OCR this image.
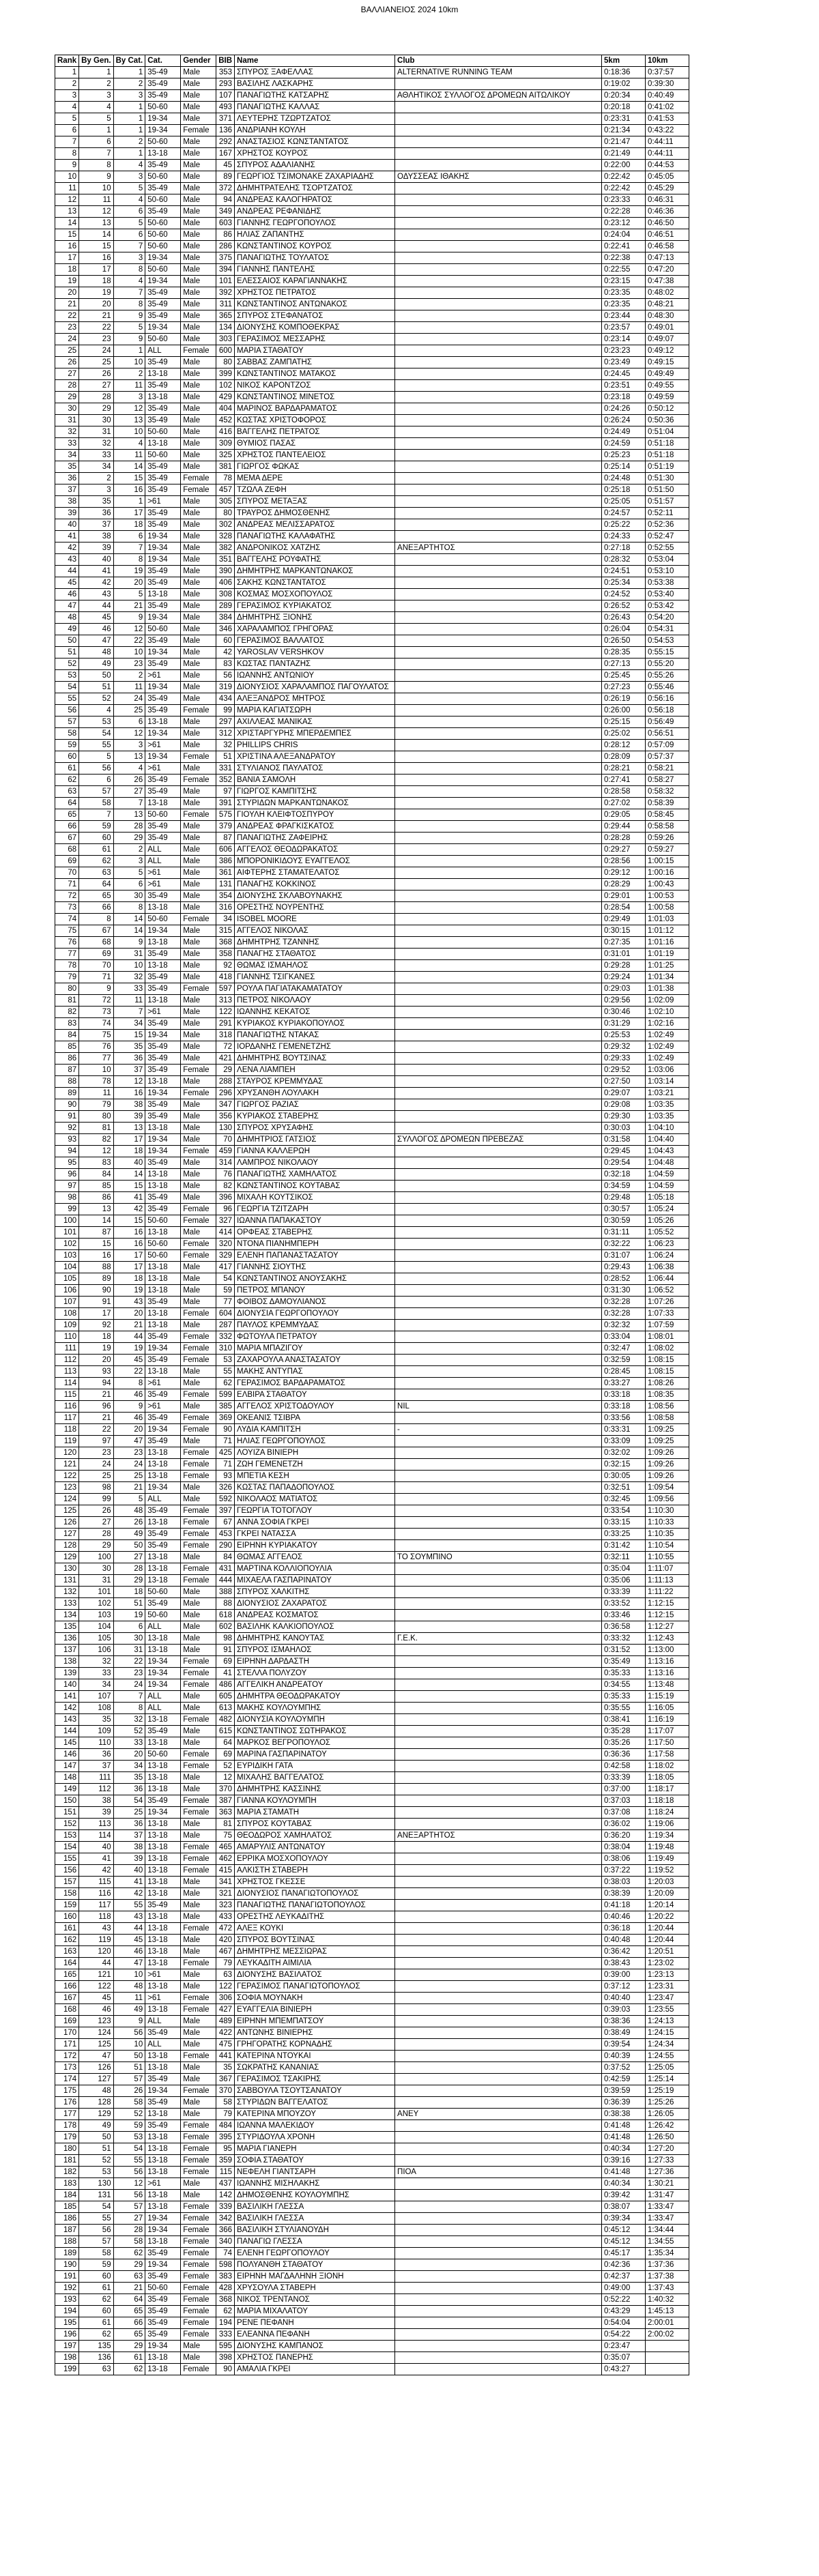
ΒΑΛΛΙΑΝΕΙΟΣ 2024 10km
Rank	By Gen.	By Cat.	Cat.	Gender	BIB	Name	Club	5km	10km
1	1	1	35-49	Male	353	ΣΠΥΡΟΣ ΞΑΦΕΛΛΑΣ	ALTERNATIVE RUNNING TEAM	0:18:36	0:37:57
2	2	2	35-49	Male	293	ΒΑΣΙΛΗΣ ΛΑΣΚΑΡΗΣ		0:19:02	0:39:30
3	3	3	35-49	Male	107	ΠΑΝΑΓΙΩΤΗΣ ΚΑΤΣΑΡΗΣ	ΑΘΛΗΤΙΚΟΣ ΣΥΛΛΟΓΟΣ ΔΡΟΜΕΩΝ ΑΙΤΩΛΙΚΟΥ	0:20:34	0:40:49
4	4	1	50-60	Male	493	ΠΑΝΑΓΙΩΤΗΣ ΚΑΛΛΑΣ		0:20:18	0:41:02
5	5	1	19-34	Male	371	ΛΕΥΤΕΡΗΣ ΤΖΩΡΤΖΑΤΟΣ		0:23:31	0:41:53
6	1	1	19-34	Female	136	ΑΝΔΡΙΑΝΗ ΚΟΥΛΗ		0:21:34	0:43:22
7	6	2	50-60	Male	292	ΑΝΑΣΤΑΣΙΟΣ ΚΩΝΣΤΑΝΤΑΤΟΣ		0:21:47	0:44:11
8	7	1	13-18	Male	167	ΧΡΗΣΤΟΣ ΚΟΥΡΟΣ		0:21:49	0:44:11
9	8	4	35-49	Male	45	ΣΠΥΡΟΣ ΑΔΑΛΙΑΝΗΣ		0:22:00	0:44:53
10	9	3	50-60	Male	89	ΓΕΩΡΓΙΟΣ ΤΣΙΜΟΝΑΚΕ ΖΑΧΑΡΙΑΔΗΣ	ΟΔΥΣΣΕΑΣ ΙΘΑΚΗΣ	0:22:42	0:45:05
11	10	5	35-49	Male	372	ΔΗΜΗΤΡΑΤΕΛΗΣ ΤΣΟΡΤΖΑΤΟΣ		0:22:42	0:45:29
12	11	4	50-60	Male	94	ΑΝΔΡΕΑΣ ΚΑΛΟΓΗΡΑΤΟΣ		0:23:33	0:46:31
13	12	6	35-49	Male	349	ΑΝΔΡΕΑΣ ΡΕΦΑΝΙΔΗΣ		0:22:28	0:46:36
14	13	5	50-60	Male	603	ΓΙΑΝΝΗΣ ΓΕΩΡΓΟΠΟΥΛΟΣ		0:23:12	0:46:50
15	14	6	50-60	Male	86	ΗΛΙΑΣ ΖΑΠΑΝΤΗΣ		0:24:04	0:46:51
16	15	7	50-60	Male	286	ΚΩΝΣΤΑΝΤΙΝΟΣ ΚΟΥΡΟΣ		0:22:41	0:46:58
17	16	3	19-34	Male	375	ΠΑΝΑΓΙΩΤΗΣ ΤΟΥΛΑΤΟΣ		0:22:38	0:47:13
18	17	8	50-60	Male	394	ΓΙΑΝΝΗΣ ΠΑΝΤΕΛΗΣ		0:22:55	0:47:20
19	18	4	19-34	Male	101	ΕΛΕΣΣΑΙΟΣ ΚΑΡΑΓΙΑΝΝΑΚΗΣ		0:23:15	0:47:38
20	19	7	35-49	Male	392	ΧΡΗΣΤΟΣ ΠΕΤΡΑΤΟΣ		0:23:35	0:48:02
21	20	8	35-49	Male	311	ΚΩΝΣΤΑΝΤΙΝΟΣ ΑΝΤΩΝΑΚΟΣ		0:23:35	0:48:21
22	21	9	35-49	Male	365	ΣΠΥΡΟΣ ΣΤΕΦΑΝΑΤΟΣ		0:23:44	0:48:30
23	22	5	19-34	Male	134	ΔΙΟΝΥΣΗΣ ΚΟΜΠΟΘΕΚΡΑΣ		0:23:57	0:49:01
24	23	9	50-60	Male	303	ΓΕΡΑΣΙΜΟΣ ΜΕΣΣΑΡΗΣ		0:23:14	0:49:07
25	24	1	ALL	Female	600	ΜΑΡΙΑ ΣΤΑΘΑΤΟΥ		0:23:23	0:49:12
26	25	10	35-49	Male	80	ΣΑΒΒΑΣ ΖΑΜΠΑΤΗΣ		0:23:49	0:49:15
27	26	2	13-18	Male	399	ΚΩΝΣΤΑΝΤΙΝΟΣ ΜΑΤΑΚΟΣ		0:24:45	0:49:49
28	27	11	35-49	Male	102	ΝΙΚΟΣ ΚΑΡΟΝΤΖΟΣ		0:23:51	0:49:55
29	28	3	13-18	Male	429	ΚΩΝΣΤΑΝΤΙΝΟΣ ΜΙΝΕΤΟΣ		0:23:18	0:49:59
30	29	12	35-49	Male	404	ΜΑΡΙΝΟΣ ΒΑΡΔΑΡΑΜΑΤΟΣ		0:24:26	0:50:12
31	30	13	35-49	Male	452	ΚΩΣΤΑΣ ΧΡΙΣΤΟΦΟΡΟΣ		0:26:24	0:50:36
32	31	10	50-60	Male	416	ΒΑΓΓΕΛΗΣ ΠΕΤΡΑΤΟΣ		0:24:49	0:51:04
33	32	4	13-18	Male	309	ΘΥΜΙΟΣ ΠΑΣΑΣ		0:24:59	0:51:18
34	33	11	50-60	Male	325	ΧΡΗΣΤΟΣ ΠΑΝΤΕΛΕΙΟΣ		0:25:23	0:51:18
35	34	14	35-49	Male	381	ΓΙΩΡΓΟΣ ΦΩΚΑΣ		0:25:14	0:51:19
36	2	15	35-49	Female	78	ΜΕΜΑ ΔΕΡΕ		0:24:48	0:51:30
37	3	16	35-49	Female	457	ΤΖΩΛΑ ΖΕΦΗ		0:25:18	0:51:50
38	35	1	>61	Male	305	ΣΠΥΡΟΣ ΜΕΤΑΞΑΣ		0:25:05	0:51:57
39	36	17	35-49	Male	80	ΤΡΑΥΡΟΣ ΔΗΜΟΣΘΕΝΗΣ		0:24:57	0:52:11
40	37	18	35-49	Male	302	ΑΝΔΡΕΑΣ ΜΕΛΙΣΣΑΡΑΤΟΣ		0:25:22	0:52:36
41	38	6	19-34	Male	328	ΠΑΝΑΓΙΩΤΗΣ ΚΑΛΑΦΑΤΗΣ		0:24:33	0:52:47
42	39	7	19-34	Male	382	ΑΝΔΡΟΝΙΚΟΣ ΧΑΤΖΗΣ	ΑΝΕΞΑΡΤΗΤΟΣ	0:27:18	0:52:55
43	40	8	19-34	Male	351	ΒΑΓΓΕΛΗΣ ΡΟΥΦΑΤΗΣ		0:28:32	0:53:04
44	41	19	35-49	Male	390	ΔΗΜΗΤΡΗΣ ΜΑΡΚΑΝΤΩΝΑΚΟΣ		0:24:51	0:53:10
45	42	20	35-49	Male	406	ΣΑΚΗΣ ΚΩΝΣΤΑΝΤΑΤΟΣ		0:25:34	0:53:38
46	43	5	13-18	Male	308	ΚΟΣΜΑΣ ΜΟΣΧΟΠΟΥΛΟΣ		0:24:52	0:53:40
47	44	21	35-49	Male	289	ΓΕΡΑΣΙΜΟΣ ΚΥΡΙΑΚΑΤΟΣ		0:26:52	0:53:42
48	45	9	19-34	Male	384	ΔΗΜΗΤΡΗΣ ΞΙΟΝΗΣ		0:26:43	0:54:20
49	46	12	50-60	Male	346	ΧΑΡΑΛΑΜΠΟΣ ΓΡΗΓΟΡΑΣ		0:26:04	0:54:31
50	47	22	35-49	Male	60	ΓΕΡΑΣΙΜΟΣ ΒΑΛΛΑΤΟΣ		0:26:50	0:54:53
51	48	10	19-34	Male	42	YAROSLAV VERSHKOV		0:28:35	0:55:15
52	49	23	35-49	Male	83	ΚΩΣΤΑΣ ΠΑΝΤΑΖΗΣ		0:27:13	0:55:20
53	50	2	>61	Male	56	ΙΩΑΝΝΗΣ ΑΝΤΩΝΙΟΥ		0:25:45	0:55:26
54	51	11	19-34	Male	319	ΔΙΟΝΥΣΙΟΣ ΧΑΡΑΛΑΜΠΟΣ ΠΑΓΟΥΛΑΤΟΣ		0:27:23	0:55:46
55	52	24	35-49	Male	434	ΑΛΕΞΑΝΔΡΟΣ ΜΗΤΡΟΣ		0:26:19	0:56:16
56	4	25	35-49	Female	99	ΜΑΡΙΑ ΚΑΓΙΑΤΣΩΡΗ		0:26:00	0:56:18
57	53	6	13-18	Male	297	ΑΧΙΛΛΕΑΣ ΜΑΝΙΚΑΣ		0:25:15	0:56:49
58	54	12	19-34	Male	312	ΧΡΙΣΤΑΡΓΥΡΗΣ ΜΠΕΡΔΕΜΠΕΣ		0:25:02	0:56:51
59	55	3	>61	Male	32	PHILLIPS CHRIS		0:28:12	0:57:09
60	5	13	19-34	Female	51	ΧΡΙΣΤΙΝΑ ΑΛΕΞΑΝΔΡΑΤΟΥ		0:28:09	0:57:37
61	56	4	>61	Male	331	ΣΤΥΛΙΑΝΟΣ ΠΑΥΛΑΤΟΣ		0:28:21	0:58:21
62	6	26	35-49	Female	352	ΒΑΝΙΑ ΣΑΜΟΛΗ		0:27:41	0:58:27
63	57	27	35-49	Male	97	ΓΙΩΡΓΟΣ ΚΑΜΠΙΤΣΗΣ		0:28:58	0:58:32
64	58	7	13-18	Male	391	ΣΤΥΡΙΔΩΝ ΜΑΡΚΑΝΤΩΝΑΚΟΣ		0:27:02	0:58:39
65	7	13	50-60	Female	575	ΓΙΟΥΛΗ ΚΛΕΙΦΤΟΣΠΥΡΟΥ		0:29:05	0:58:45
66	59	28	35-49	Male	379	ΑΝΔΡΕΑΣ ΦΡΑΓΚΙΣΚΑΤΟΣ		0:29:44	0:58:58
67	60	29	35-49	Male	87	ΠΑΝΑΓΙΩΤΗΣ ΖΑΦΕΙΡΗΣ		0:28:28	0:59:26
68	61	2	ALL	Male	606	ΑΓΓΕΛΟΣ ΘΕΟΔΩΡΑΚΑΤΟΣ		0:29:27	0:59:27
69	62	3	ALL	Male	386	ΜΠΟΡΟΝΙΚΙΔΟΥΣ ΕΥΑΓΓΕΛΟΣ		0:28:56	1:00:15
70	63	5	>61	Male	361	ΑΙΦΤΕΡΗΣ ΣΤΑΜΑΤΕΛΑΤΟΣ		0:29:12	1:00:16
71	64	6	>61	Male	131	ΠΑΝΑΓΗΣ ΚΟΚΚΙΝΟΣ		0:28:29	1:00:43
72	65	30	35-49	Male	354	ΔΙΟΝΥΣΗΣ ΣΚΛΑΒΟΥΝΑΚΗΣ		0:29:01	1:00:53
73	66	8	13-18	Male	316	ΟΡΕΣΤΗΣ ΝΟΥΡΕΝΤΗΣ		0:28:54	1:00:58
74	8	14	50-60	Female	34	ISOBEL MOORE		0:29:49	1:01:03
75	67	14	19-34	Male	315	ΑΓΓΕΛΟΣ ΝΙΚΟΛΑΣ		0:30:15	1:01:12
76	68	9	13-18	Male	368	ΔΗΜΗΤΡΗΣ ΤΖΑΝΝΗΣ		0:27:35	1:01:16
77	69	31	35-49	Male	358	ΠΑΝΑΓΗΣ ΣΤΑΘΑΤΟΣ		0:31:01	1:01:19
78	70	10	13-18	Male	92	ΘΩΜΑΣ ΙΣΜΑΗΛΟΣ		0:29:28	1:01:25
79	71	32	35-49	Male	418	ΓΙΑΝΝΗΣ ΤΣΙΓΚΑΝΕΣ		0:29:24	1:01:34
80	9	33	35-49	Female	597	ΡΟΥΛΑ ΠΑΓΙΑΤΑΚΑΜΑΤΑΤΟΥ		0:29:03	1:01:38
81	72	11	13-18	Male	313	ΠΕΤΡΟΣ ΝΙΚΟΛΑΟΥ		0:29:56	1:02:09
82	73	7	>61	Male	122	ΙΩΑΝΝΗΣ ΚΕΚΑΤΟΣ		0:30:46	1:02:10
83	74	34	35-49	Male	291	ΚΥΡΙΑΚΟΣ ΚΥΡΙΑΚΟΠΟΥΛΟΣ		0:31:29	1:02:16
84	75	15	19-34	Male	318	ΠΑΝΑΓΙΩΤΗΣ ΝΤΑΚΑΣ		0:25:53	1:02:49
85	76	35	35-49	Male	72	ΙΟΡΔΑΝΗΣ ΓΕΜΕΝΕΤΖΗΣ		0:29:32	1:02:49
86	77	36	35-49	Male	421	ΔΗΜΗΤΡΗΣ ΒΟΥΤΣΙΝΑΣ		0:29:33	1:02:49
87	10	37	35-49	Female	29	ΛΕΝΑ ΛΙΑΜΠΕΗ		0:29:52	1:03:06
88	78	12	13-18	Male	288	ΣΤΑΥΡΟΣ ΚΡΕΜΜΥΔΑΣ		0:27:50	1:03:14
89	11	16	19-34	Female	296	ΧΡΥΣΑΝΘΗ ΛΟΥΛΑΚΗ		0:29:07	1:03:21
90	79	38	35-49	Male	347	ΓΙΩΡΓΟΣ ΡΑΖΙΑΣ		0:29:08	1:03:35
91	80	39	35-49	Male	356	ΚΥΡΙΑΚΟΣ ΣΤΑΒΕΡΗΣ		0:29:30	1:03:35
92	81	13	13-18	Male	130	ΣΠΥΡΟΣ ΧΡΥΣΑΦΗΣ		0:30:03	1:04:10
93	82	17	19-34	Male	70	ΔΗΜΗΤΡΙΟΣ ΓΑΤΣΙΟΣ	ΣΥΛΛΟΓΟΣ ΔΡΟΜΕΩΝ ΠΡΕΒΕΖΑΣ	0:31:58	1:04:40
94	12	18	19-34	Female	459	ΓΙΑΝΝΑ ΚΑΛΛΕΡΩΗ		0:29:45	1:04:43
95	83	40	35-49	Male	314	ΛΑΜΠΡΟΣ ΝΙΚΟΛΑΟΥ		0:29:54	1:04:48
96	84	14	13-18	Male	76	ΠΑΝΑΓΙΩΤΗΣ ΧΑΜΗΛΑΤΟΣ		0:32:18	1:04:59
97	85	15	13-18	Male	82	ΚΩΝΣΤΑΝΤΙΝΟΣ ΚΟΥΤΑΒΑΣ		0:34:59	1:04:59
98	86	41	35-49	Male	396	ΜΙΧΑΛΗ ΚΟΥΤΣΙΚΟΣ		0:29:48	1:05:18
99	13	42	35-49	Female	96	ΓΕΩΡΓΙΑ ΤΖΙΤΖΑΡΗ		0:30:57	1:05:24
100	14	15	50-60	Female	327	ΙΩΑΝΝΑ ΠΑΠΑΚΑΣΤΟΥ		0:30:59	1:05:26
101	87	16	13-18	Male	414	ΟΡΦΕΑΣ ΣΤΑΒΕΡΗΣ		0:31:11	1:05:52
102	15	16	50-60	Female	320	ΝΤΟΝΑ ΠΙΑΝΗΜΠΕΡΗ		0:32:22	1:06:23
103	16	17	50-60	Female	329	ΕΛΕΝΗ ΠΑΠΑΝΑΣΤΑΣΑΤΟΥ		0:31:07	1:06:24
104	88	17	13-18	Male	417	ΓΙΑΝΝΗΣ ΣΙΟΥΤΗΣ		0:29:43	1:06:38
105	89	18	13-18	Male	54	ΚΩΝΣΤΑΝΤΙΝΟΣ ΑΝΟΥΣΑΚΗΣ		0:28:52	1:06:44
106	90	19	13-18	Male	59	ΠΕΤΡΟΣ ΜΠΑΝΟΥ		0:31:30	1:06:52
107	91	43	35-49	Male	77	ΦΟΙΒΟΣ ΔΑΜΟΥΛΙΑΝΟΣ		0:32:28	1:07:26
108	17	20	13-18	Female	604	ΔΙΟΝΥΣΙΑ ΓΕΩΡΓΟΠΟΥΛΟΥ		0:32:28	1:07:33
109	92	21	13-18	Male	287	ΠΑΥΛΟΣ ΚΡΕΜΜΥΔΑΣ		0:32:32	1:07:59
110	18	44	35-49	Female	332	ΦΩΤΟΥΛΑ ΠΕΤΡΑΤΟΥ		0:33:04	1:08:01
111	19	19	19-34	Female	310	ΜΑΡΙΑ ΜΠΑΖΙΓΟΥ		0:32:47	1:08:02
112	20	45	35-49	Female	53	ΖΑΧΑΡΟΥΛΑ ΑΝΑΣΤΑΣΑΤΟΥ		0:32:59	1:08:15
113	93	22	13-18	Male	55	ΜΑΚΗΣ ΑΝΤΥΠΑΣ		0:28:45	1:08:15
114	94	8	>61	Male	62	ΓΕΡΑΣΙΜΟΣ ΒΑΡΔΑΡΑΜΑΤΟΣ		0:33:27	1:08:26
115	21	46	35-49	Female	599	ΕΛΒΙΡΑ ΣΤΑΘΑΤΟΥ		0:33:18	1:08:35
116	96	9	>61	Male	385	ΑΓΓΕΛΟΣ ΧΡΙΣΤΟΔΟΥΛΟΥ	NIL	0:33:18	1:08:56
117	21	46	35-49	Female	369	ΟΚΕΑΝΙΣ ΤΣΙΒΡΑ		0:33:56	1:08:58
118	22	20	19-34	Female	90	ΛΥΔΙΑ ΚΑΜΠΙΤΣΗ	-	0:33:31	1:09:25
119	97	47	35-49	Male	71	ΗΛΙΑΣ ΓΕΩΡΓΟΠΟΥΛΟΣ		0:33:09	1:09:25
120	23	23	13-18	Female	425	ΛΟΥΙΖΑ ΒΙΝΙΕΡΗ		0:32:02	1:09:26
121	24	24	13-18	Female	71	ΖΩΗ ΓΕΜΕΝΕΤΖΗ		0:32:15	1:09:26
122	25	25	13-18	Female	93	ΜΠΕΤΙΑ ΚΕΣΗ		0:30:05	1:09:26
123	98	21	19-34	Male	326	ΚΩΣΤΑΣ ΠΑΠΑΔΟΠΟΥΛΟΣ		0:32:51	1:09:54
124	99	5	ALL	Male	592	ΝΙΚΟΛΑΟΣ ΜΑΤΙΑΤΟΣ		0:32:45	1:09:56
125	26	48	35-49	Female	397	ΓΕΩΡΓΙΑ ΤΟΤΟΓΛΟΥ		0:33:54	1:10:30
126	27	26	13-18	Female	67	ΑΝΝΑ ΣΟΦΙΑ ΓΚΡΕΙ		0:33:15	1:10:33
127	28	49	35-49	Female	453	ΓΚΡΕΙ ΝΑΤΑΣΣΑ		0:33:25	1:10:35
128	29	50	35-49	Female	290	ΕΙΡΗΝΗ ΚΥΡΙΑΚΑΤΟΥ		0:31:42	1:10:54
129	100	27	13-18	Male	84	ΘΩΜΑΣ ΑΓΓΕΛΟΣ	ΤΟ ΣΟΥΜΠΙΝΟ	0:32:11	1:10:55
130	30	28	13-18	Female	431	ΜΑΡΤΙΝΑ ΚΟΛΛΙΟΠΟΥΛΙΑ		0:35:04	1:11:07
131	31	29	13-18	Female	444	ΜΙΧΑΕΛΑ ΓΑΣΠΑΡΙΝΑΤΟΥ		0:35:06	1:11:13
132	101	18	50-60	Male	388	ΣΠΥΡΟΣ ΧΑΛΚΙΤΗΣ		0:33:39	1:11:22
133	102	51	35-49	Male	88	ΔΙΟΝΥΣΙΟΣ ΖΑΧΑΡΑΤΟΣ		0:33:52	1:12:15
134	103	19	50-60	Male	618	ΑΝΔΡΕΑΣ ΚΟΣΜΑΤΟΣ		0:33:46	1:12:15
135	104	6	ALL	Male	602	ΒΑΣΙΛΗΚ ΚΑΛΚΙΟΠΟΥΛΟΣ		0:36:58	1:12:27
136	105	30	13-18	Male	98	ΔΗΜΗΤΡΗΣ ΚΑΝΟΥΤΑΣ	Γ.Ε.Κ.	0:33:32	1:12:43
137	106	31	13-18	Male	91	ΣΠΥΡΟΣ ΙΣΜΑΗΛΟΣ		0:31:52	1:13:00
138	32	22	19-34	Female	69	ΕΙΡΗΝΗ ΔΑΡΔΑΣΤΗ		0:35:49	1:13:16
139	33	23	19-34	Female	41	ΣΤΕΛΛΑ ΠΟΛΥΖΟΥ		0:35:33	1:13:16
140	34	24	19-34	Female	486	ΑΓΓΕΛΙΚΗ ΑΝΔΡΕΑΤΟΥ		0:34:55	1:13:48
141	107	7	ALL	Male	605	ΔΗΜΗΤΡΑ ΘΕΟΔΩΡΑΚΑΤΟΥ		0:35:33	1:15:19
142	108	8	ALL	Male	613	ΜΑΚΗΣ ΚΟΥΛΟΥΜΠΗΣ		0:35:55	1:16:05
143	35	32	13-18	Female	482	ΔΙΟΝΥΣΙΑ ΚΟΥΛΟΥΜΠΗ		0:38:41	1:16:19
144	109	52	35-49	Male	615	ΚΩΝΣΤΑΝΤΙΝΟΣ ΣΩΤΗΡΑΚΟΣ		0:35:28	1:17:07
145	110	33	13-18	Male	64	ΜΑΡΚΟΣ ΒΕΓΡΟΠΟΥΛΟΣ		0:35:26	1:17:50
146	36	20	50-60	Female	69	ΜΑΡΙΝΑ ΓΑΣΠΑΡΙΝΑΤΟΥ		0:36:36	1:17:58
147	37	34	13-18	Female	52	ΕΥΡΙΔΙΚΗ ΓΑΤΑ		0:42:58	1:18:02
148	111	35	13-18	Male	12	ΜΙΧΑΛΗΣ ΒΑΓΓΕΛΑΤΟΣ		0:33:39	1:18:05
149	112	36	13-18	Male	370	ΔΗΜΗΤΡΗΣ ΚΑΣΣΙΝΗΣ		0:37:00	1:18:17
150	38	54	35-49	Female	387	ΓΙΑΝΝΑ ΚΟΥΛΟΥΜΠΗ		0:37:03	1:18:18
151	39	25	19-34	Female	363	ΜΑΡΙΑ ΣΤΑΜΑΤΗ		0:37:08	1:18:24
152	113	36	13-18	Male	81	ΣΠΥΡΟΣ ΚΟΥΤΑΒΑΣ		0:36:02	1:19:06
153	114	37	13-18	Male	75	ΘΕΟΔΩΡΟΣ ΧΑΜΗΛΑΤΟΣ	ΑΝΕΞΑΡΤΗΤΟΣ	0:36:20	1:19:34
154	40	38	13-18	Female	465	ΑΜΑΡΥΛΙΣ ΑΝΤΩΝΑΤΟΥ		0:38:04	1:19:48
155	41	39	13-18	Female	462	ΕΡΡΙΚΑ ΜΟΣΧΟΠΟΥΛΟΥ		0:38:06	1:19:49
156	42	40	13-18	Female	415	ΑΛΚΙΣΤΗ ΣΤΑΒΕΡΗ		0:37:22	1:19:52
157	115	41	13-18	Male	341	ΧΡΗΣΤΟΣ ΓΚΕΣΣΕ		0:38:03	1:20:03
158	116	42	13-18	Male	321	ΔΙΟΝΥΣΙΟΣ ΠΑΝΑΓΙΩΤΟΠΟΥΛΟΣ		0:38:39	1:20:09
159	117	55	35-49	Male	323	ΠΑΝΑΓΙΩΤΗΣ ΠΑΝΑΓΙΩΤΟΠΟΥΛΟΣ		0:41:18	1:20:14
160	118	43	13-18	Male	433	ΟΡΕΣΤΗΣ ΛΕΥΚΑΔΙΤΗΣ		0:40:46	1:20:22
161	43	44	13-18	Female	472	ΑΛΕΞ ΚΟΥΚΙ		0:36:18	1:20:44
162	119	45	13-18	Male	420	ΣΠΥΡΟΣ ΒΟΥΤΣΙΝΑΣ		0:40:48	1:20:44
163	120	46	13-18	Male	467	ΔΗΜΗΤΡΗΣ ΜΕΣΣΙΩΡΑΣ		0:36:42	1:20:51
164	44	47	13-18	Female	79	ΛΕΥΚΑΔΙΤΗ ΑΙΜΙΛΙΑ		0:38:43	1:23:02
165	121	10	>61	Male	63	ΔΙΟΝΥΣΗΣ ΒΑΣΙΛΑΤΟΣ		0:39:00	1:23:13
166	122	48	13-18	Male	122	ΓΕΡΑΣΙΜΟΣ ΠΑΝΑΓΙΩΤΟΠΟΥΛΟΣ		0:37:12	1:23:31
167	45	11	>61	Female	306	ΣΟΦΙΑ ΜΟΥΝΑΚΗ		0:40:40	1:23:47
168	46	49	13-18	Female	427	ΕΥΑΓΓΕΛΙΑ ΒΙΝΙΕΡΗ		0:39:03	1:23:55
169	123	9	ALL	Male	489	ΕΙΡΗΝΗ ΜΠΕΜΠΑΤΣΟΥ		0:38:36	1:24:13
170	124	56	35-49	Male	422	ΑΝΤΩΝΗΣ ΒΙΝΙΕΡΗΣ		0:38:49	1:24:15
171	125	10	ALL	Male	475	ΓΡΗΓΟΡΑΤΗΣ ΚΟΡΝΑΔΗΣ		0:39:54	1:24:34
172	47	50	13-18	Female	441	ΚΑΤΕΡΙΝΑ ΝΤΟΥΚΑΙ		0:40:39	1:24:55
173	126	51	13-18	Male	35	ΣΩΚΡΑΤΗΣ ΚΑΝΑΝΙΑΣ		0:37:52	1:25:05
174	127	57	35-49	Male	367	ΓΕΡΑΣΙΜΟΣ ΤΣΑΚΙΡΗΣ		0:42:59	1:25:14
175	48	26	19-34	Female	370	ΣΑΒΒΟΥΛΑ ΤΣΟΥΤΣΑΝΑΤΟΥ		0:39:59	1:25:19
176	128	58	35-49	Male	58	ΣΤΥΡΙΔΩΝ ΒΑΓΓΕΛΑΤΟΣ		0:36:39	1:25:26
177	129	52	13-18	Male	79	ΚΑΤΕΡΙΝΑ ΜΠΟΥΖΟΥ	ΑΝΕΥ	0:38:38	1:26:05
178	49	59	35-49	Female	484	ΙΩΑΝΝΑ ΜΑΛΕΚΙΔΟΥ		0:41:48	1:26:42
179	50	53	13-18	Female	395	ΣΤΥΡΙΔΟΥΛΑ ΧΡΟΝΗ		0:41:48	1:26:50
180	51	54	13-18	Female	95	ΜΑΡΙΑ ΓΙΑΝΕΡΗ		0:40:34	1:27:20
181	52	55	13-18	Female	359	ΣΟΦΙΑ ΣΤΑΘΑΤΟΥ		0:39:16	1:27:33
182	53	56	13-18	Female	115	ΝΕΦΕΛΗ ΓΙΑΝΤΣΑΡΗ	ΠΙΟΑ	0:41:48	1:27:36
183	130	12	>61	Male	437	ΙΩΑΝΝΗΣ ΜΙΣΗΛΑΚΗΣ		0:40:34	1:30:21
184	131	56	13-18	Male	142	ΔΗΜΟΣΘΕΝΗΣ ΚΟΥΛΟΥΜΠΗΣ		0:39:42	1:31:47
185	54	57	13-18	Female	339	ΒΑΣΙΛΙΚΗ ΓΛΕΣΣΑ		0:38:07	1:33:47
186	55	27	19-34	Female	342	ΒΑΣΙΛΙΚΗ ΓΛΕΣΣΑ		0:39:34	1:33:47
187	56	28	19-34	Female	366	ΒΑΣΙΛΙΚΗ ΣΤΥΛΙΑΝΟΥΔΗ		0:45:12	1:34:44
188	57	58	13-18	Female	340	ΠΑΝΑΓΙΩ ΓΛΕΣΣΑ		0:45:12	1:34:55
189	58	62	35-49	Female	74	ΕΛΕΝΗ ΓΕΩΡΓΟΠΟΥΛΟΥ		0:45:17	1:35:34
190	59	29	19-34	Female	598	ΠΟΛΥΑΝΘΗ ΣΤΑΘΑΤΟΥ		0:42:36	1:37:36
191	60	63	35-49	Female	383	ΕΙΡΗΝΗ ΜΑΓΔΑΛΗΝΗ ΞΙΟΝΗ		0:42:37	1:37:38
192	61	21	50-60	Female	428	ΧΡΥΣΟΥΛΑ ΣΤΑΒΕΡΗ		0:49:00	1:37:43
193	62	64	35-49	Female	368	ΝΙΚΟΣ ΤΡΕΝΤΑΝΟΣ		0:52:22	1:40:32
194	60	65	35-49	Female	62	ΜΑΡΙΑ ΜΙΧΑΛΑΤΟΥ		0:43:29	1:45:13
195	61	66	35-49	Female	194	ΡΕΝΕ ΠΕΦΑΝΗ		0:54:04	2:00:01
196	62	65	35-49	Female	333	ΕΛΕΑΝΝΑ ΠΕΦΑΝΗ		0:54:22	2:00:02
197	135	29	19-34	Male	595	ΔΙΟΝΥΣΗΣ ΚΑΜΠΑΝΟΣ		0:23:47	
198	136	61	13-18	Male	398	ΧΡΗΣΤΟΣ ΠΑΝΕΡΗΣ		0:35:07	
199	63	62	13-18	Female	90	ΑΜΑΛΙΑ ΓΚΡΕΙ		0:43:27	
